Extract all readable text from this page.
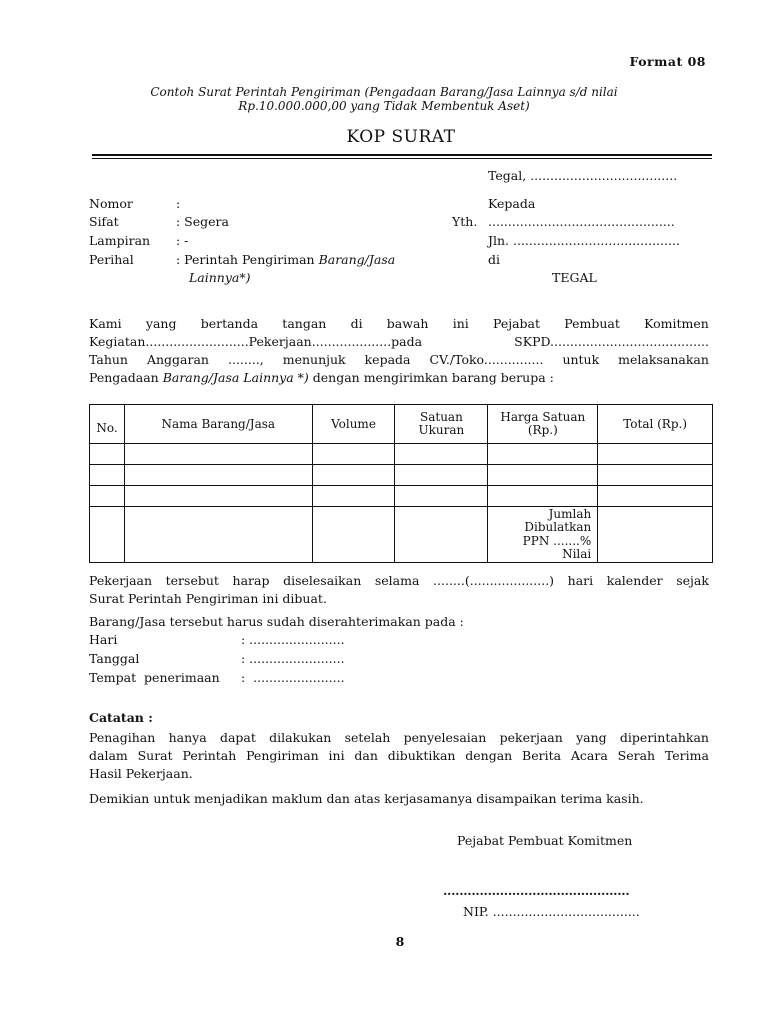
Format 08
Contoh Surat Perintah Pengiriman (Pengadaan Barang/Jasa Lainnya s/d nilai
Rp.10.000.000,00 yang Tidak Membentuk Aset)
KOP SURAT
Tegal, .....................................
Nomor	:
Sifat	: Segera
Lampiran : -
Perihal	: Perintah Pengiriman Barang/Jasa
Lainnya*)
Kepada
Yth. ...............................................
Jln. ..........................................
di
TEGAL
Kami yang bertanda tangan di bawah ini Pejabat Pembuat Komitmen
Kegiatan..........................Pekerjaan....................pada	SKPD........................................
Tahun Anggaran ........, menunjuk kepada CV./Toko............... untuk melaksanakan
Pengadaan Barang/Jasa Lainnya *) dengan mengirimkan barang berupa :
No.	Nama Barang/Jasa	Volume	Satuan Ukuran	Harga Satuan (Rp.)	Total (Rp.)

				Jumlah
Dibulatkan
PPN .......%
Nilai	

Pekerjaan tersebut harap diselesaikan selama ........(....................) hari kalender sejak
Surat Perintah Pengiriman ini dibuat.
Barang/Jasa tersebut harus sudah diserahterimakan pada :
Hari	: ........................
Tanggal	: ........................
Tempat  penerimaan :  .......................
Catatan :
Penagihan hanya dapat dilakukan setelah penyelesaian pekerjaan yang diperintahkan
dalam Surat Perintah Pengiriman ini dan dibuktikan dengan Berita Acara Serah Terima
Hasil Pekerjaan.
Demikian untuk menjadikan maklum dan atas kerjasamanya disampaikan terima kasih.
Pejabat Pembuat Komitmen
..............................................
NIP. .....................................
8
